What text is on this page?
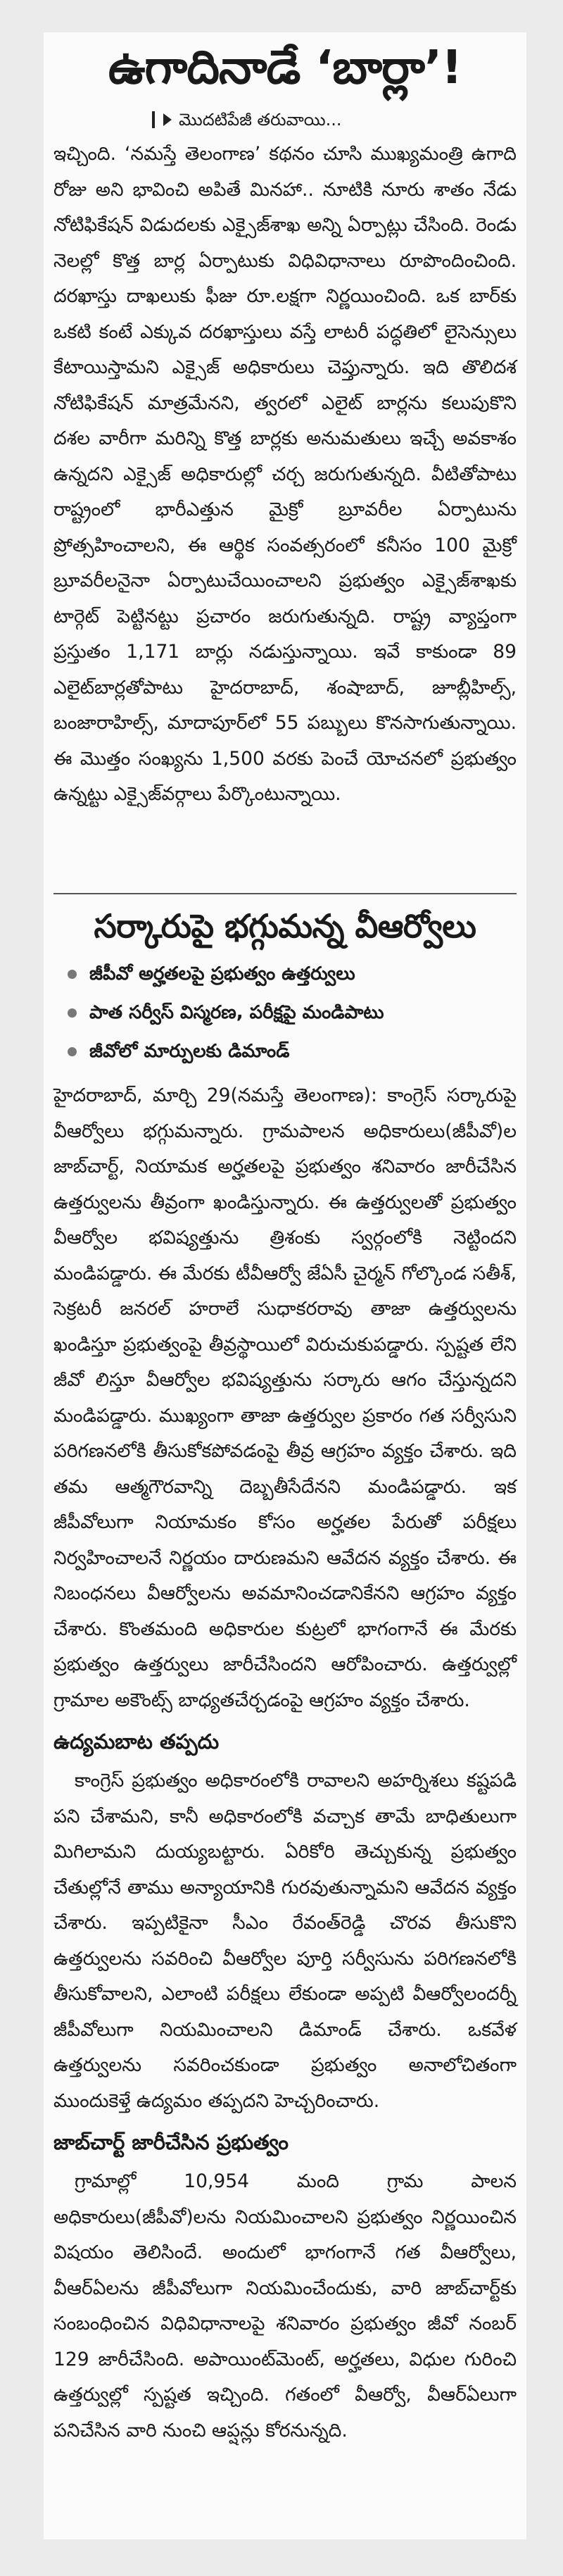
ఉగాదినాడే ‘బార్లా’!
మొదటిపేజీ తరువాయి...

ఇచ్చింది. ‘నమస్తే తెలంగాణ’ కథనం చూసి ముఖ్యమంత్రి ఉగాది రోజు అని భావించి అపితే మినహా.. నూటికి నూరు శాతం నేడు నోటిఫికేషన్ విడుదలకు ఎక్సైజ్‌శాఖ అన్ని ఏర్పాట్లు చేసింది. రెండు నెలల్లో కొత్త బార్ల ఏర్పాటుకు విధివిధానాలు రూపొందించింది. దరఖాస్తు దాఖలుకు ఫీజు రూ.లక్షగా నిర్ణయించింది. ఒక బార్‌కు ఒకటి కంటే ఎక్కువ దరఖాస్తులు వస్తే లాటరీ పద్ధతిలో లైసెన్సులు కేటాయిస్తామని ఎక్సైజ్ అధికారులు చెప్తున్నారు. ఇది తొలిదశ నోటిఫికేషన్ మాత్రమేనని, త్వరలో ఎలైట్ బార్లను కలుపుకొని దశల వారీగా మరిన్ని కొత్త బార్లకు అనుమతులు ఇచ్చే అవకాశం ఉన్నదని ఎక్సైజ్ అధికారుల్లో చర్చ జరుగుతున్నది. వీటితోపాటు రాష్ట్రంలో భారీఎత్తున మైక్రో బ్రూవరీల ఏర్పాటును ప్రోత్సహించాలని, ఈ ఆర్థిక సంవత్సరంలో కనీసం 100 మైక్రో బ్రూవరీలనైనా ఏర్పాటుచేయించాలని ప్రభుత్వం ఎక్సైజ్‌శాఖకు టార్గెట్ పెట్టినట్టు ప్రచారం జరుగుతున్నది. రాష్ట్ర వ్యాప్తంగా ప్రస్తుతం 1,171 బార్లు నడుస్తున్నాయి. ఇవే కాకుండా 89 ఎలైట్‌బార్లతోపాటు హైదరాబాద్, శంషాబాద్, జూబ్లీహిల్స్, బంజారాహిల్స్, మాదాపూర్‌లో 55 పబ్బులు కొనసాగుతున్నాయి. ఈ మొత్తం సంఖ్యను 1,500 వరకు పెంచే యోచనలో ప్రభుత్వం ఉన్నట్టు ఎక్సైజ్‌వర్గాలు పేర్కొంటున్నాయి.

సర్కారుపై భగ్గుమన్న వీఆర్వోలు
జీపీవో అర్హతలపై ప్రభుత్వం ఉత్తర్వులు
పాత సర్వీస్ విస్మరణ, పరీక్షపై మండిపాటు
జీవోలో మార్పులకు డిమాండ్

హైదరాబాద్, మార్చి 29(నమస్తే తెలంగాణ): కాంగ్రెస్ సర్కారుపై వీఆర్వోలు భగ్గుమన్నారు. గ్రామపాలన అధికారులు(జీపీవో)ల జాబ్‌చార్ట్, నియామక అర్హతలపై ప్రభుత్వం శనివారం జారీచేసిన ఉత్తర్వులను తీవ్రంగా ఖండిస్తున్నారు. ఈ ఉత్తర్వులతో ప్రభుత్వం వీఆర్వోల భవిష్యత్తును త్రిశంకు స్వర్గంలోకి నెట్టిందని మండిపడ్డారు. ఈ మేరకు టీవీఆర్వో జేఏసీ చైర్మన్ గోల్కొండ సతీశ్, సెక్రటరీ జనరల్ హరాలే సుధాకరరావు తాజా ఉత్తర్వులను ఖండిస్తూ ప్రభుత్వంపై తీవ్రస్థాయిలో విరుచుకుపడ్డారు. స్పష్టత లేని జీవో లిస్తూ వీఆర్వోల భవిష్యత్తును సర్కారు ఆగం చేస్తున్నదని మండిపడ్డారు. ముఖ్యంగా తాజా ఉత్తర్వుల ప్రకారం గత సర్వీసుని పరిగణనలోకి తీసుకోకపోవడంపై తీవ్ర ఆగ్రహం వ్యక్తం చేశారు. ఇది తమ ఆత్మగౌరవాన్ని దెబ్బతీసేదేనని మండిపడ్డారు. ఇక జీపీవోలుగా నియామకం కోసం అర్హతల పేరుతో పరీక్షలు నిర్వహించాలనే నిర్ణయం దారుణమని ఆవేదన వ్యక్తం చేశారు. ఈ నిబంధనలు వీఆర్వోలను అవమానించడానికేనని ఆగ్రహం వ్యక్తం చేశారు. కొంతమంది అధికారుల కుట్రలో భాగంగానే ఈ మేరకు ప్రభుత్వం ఉత్తర్వులు జారీచేసిందని ఆరోపించారు. ఉత్తర్వుల్లో గ్రామాల అకౌంట్స్ బాధ్యతచేర్చడంపై ఆగ్రహం వ్యక్తం చేశారు.

ఉద్యమబాట తప్పదు

కాంగ్రెస్ ప్రభుత్వం అధికారంలోకి రావాలని అహర్నిశలు కష్టపడి పని చేశామని, కానీ అధికారంలోకి వచ్చాక తామే బాధితులుగా మిగిలామని దుయ్యబట్టారు. ఏరికోరి తెచ్చుకున్న ప్రభుత్వం చేతుల్లోనే తాము అన్యాయానికి గురవుతున్నామని ఆవేదన వ్యక్తం చేశారు. ఇప్పటికైనా సీఎం రేవంత్‌రెడ్డి చొరవ తీసుకొని ఉత్తర్వులను సవరించి వీఆర్వోల పూర్తి సర్వీసును పరిగణనలోకి తీసుకోవాలని, ఎలాంటి పరీక్షలు లేకుండా అప్పటి వీఆర్వోలందర్నీ జీపీవోలుగా నియమించాలని డిమాండ్ చేశారు. ఒకవేళ ఉత్తర్వులను సవరించకుండా ప్రభుత్వం అనాలోచితంగా ముందుకెళ్తే ఉద్యమం తప్పదని హెచ్చరించారు.

జాబ్‌చార్ట్ జారీచేసిన ప్రభుత్వం

గ్రామాల్లో 10,954 మంది గ్రామ పాలన అధికారులు(జీపీవో)లను నియమించాలని ప్రభుత్వం నిర్ణయించిన విషయం తెలిసిందే. అందులో భాగంగానే గత వీఆర్వోలు, వీఆర్‌ఏలను జీపీవోలుగా నియమించేందుకు, వారి జాబ్‌చార్ట్‌కు సంబంధించిన విధివిధానాలపై శనివారం ప్రభుత్వం జీవో నంబర్ 129 జారీచేసింది. అపాయింట్‌మెంట్, అర్హతలు, విధుల గురించి ఉత్తర్వుల్లో స్పష్టత ఇచ్చింది. గతంలో వీఆర్వో, వీఆర్‌ఏలుగా పనిచేసిన వారి నుంచి ఆప్షన్లు కోరనున్నది.
